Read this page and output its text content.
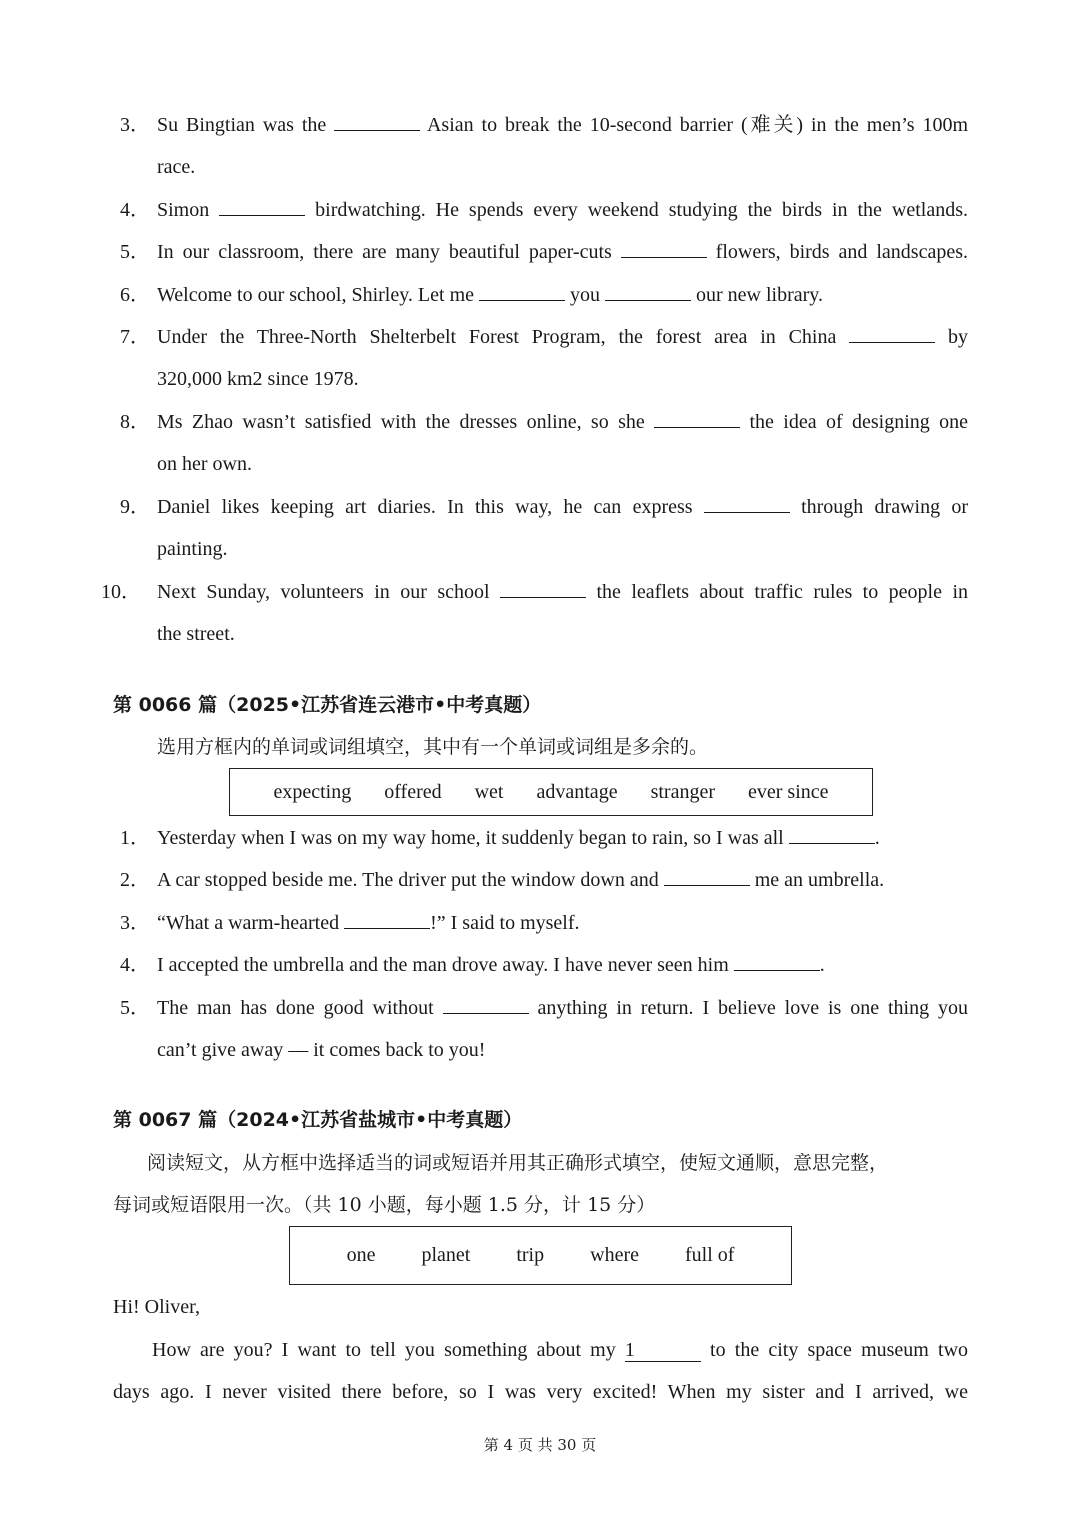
3． Su Bingtian was the	Asian to break the 10-second barrier (难关) in the men’s 100m
race.
4． Simon	birdwatching. He spends every weekend studying the birds in the wetlands.
5． In our classroom, there are many beautiful paper-cuts	flowers, birds and landscapes.
6． Welcome to our school, Shirley. Let me	you	our new library.
7． Under the Three-North Shelterbelt Forest Program, the forest area in China	by
320,000 km2 since 1978.
8． Ms Zhao wasn’t satisfied with the dresses online, so she	the idea of designing one
on her own.
9． Daniel likes keeping art diaries. In this way, he can express	through drawing or
painting.
10． Next Sunday, volunteers in our school	the leaflets about traffic rules to people in
the street.
第 0066 篇（2025•江苏省连云港市•中考真题）
选用方框内的单词或词组填空，其中有一个单词或词组是多余的。
expecting offered wet advantage stranger ever since
1． Yesterday when I was on my way home, it suddenly began to rain, so I was all	.
2． A car stopped beside me. The driver put the window down and	me an umbrella.
3． “What a warm-hearted	!” I said to myself.
4． I accepted the umbrella and the man drove away. I have never seen him	.
5． The man has done good without	anything in return. I believe love is one thing you
can’t give away — it comes back to you!
第 0067 篇（2024•江苏省盐城市•中考真题）
阅读短文，从方框中选择适当的词或短语并用其正确形式填空，使短文通顺，意思完整，
每词或短语限用一次。（共 10 小题，每小题 1.5 分，计 15 分）
one planet trip where full of
Hi! Oliver,
How are you? I want to tell you something about my 1	to the city space museum two
days ago. I never visited there before, so I was very excited! When my sister and I arrived, we
第 4 页 共 30 页
